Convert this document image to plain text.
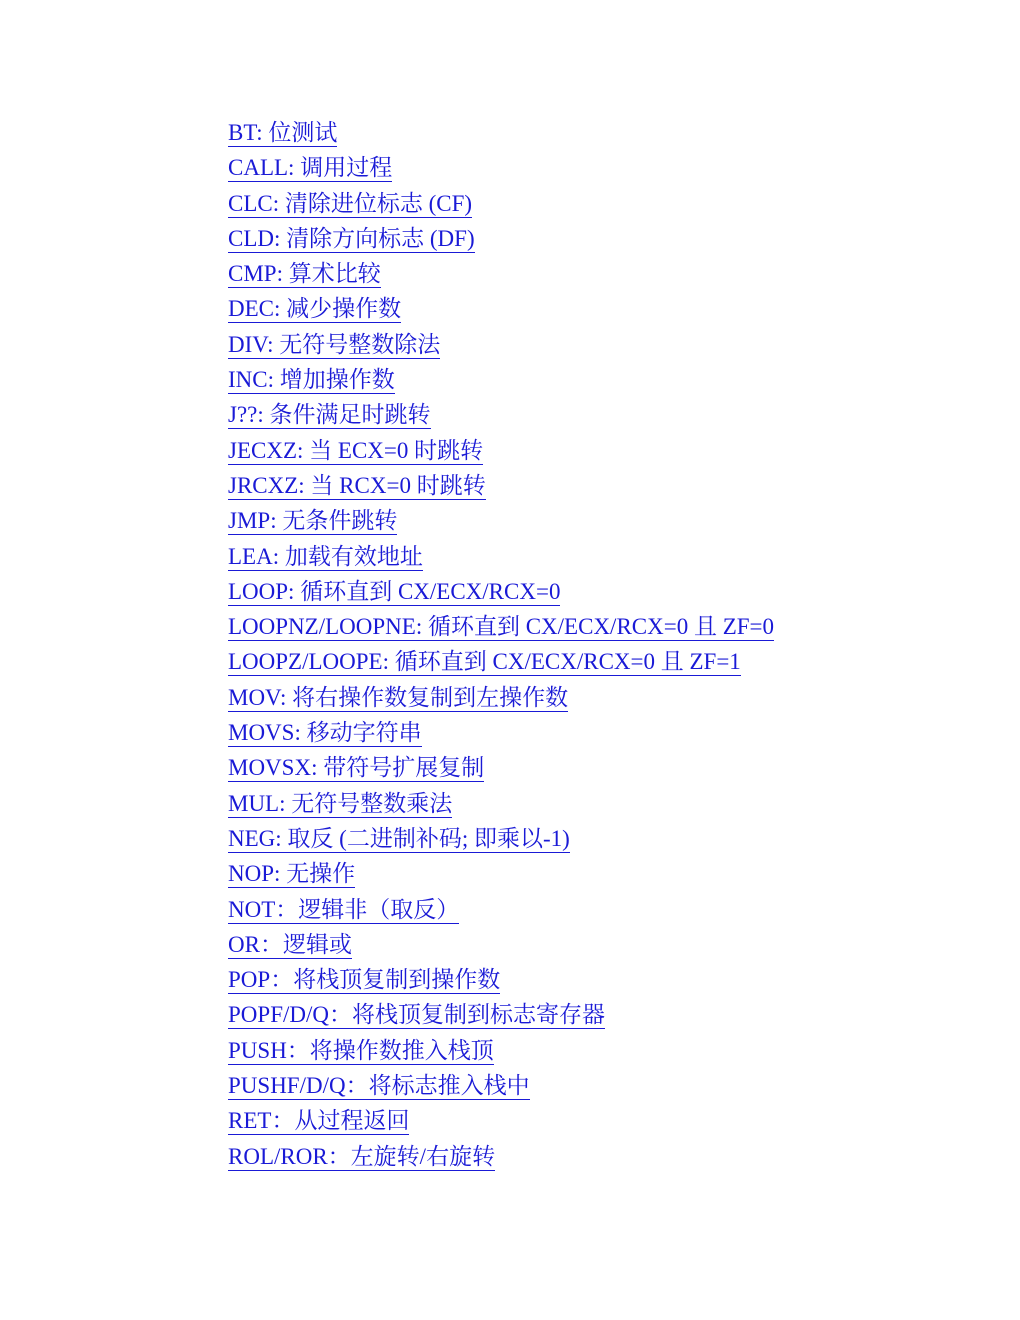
BT: 位测试
CALL: 调用过程
CLC: 清除进位标志 (CF)
CLD: 清除方向标志 (DF)
CMP: 算术比较
DEC: 减少操作数
DIV: 无符号整数除法
INC: 增加操作数
J??: 条件满足时跳转
JECXZ: 当 ECX=0 时跳转
JRCXZ: 当 RCX=0 时跳转
JMP: 无条件跳转
LEA: 加载有效地址
LOOP: 循环直到 CX/ECX/RCX=0
LOOPNZ/LOOPNE: 循环直到 CX/ECX/RCX=0 且 ZF=0
LOOPZ/LOOPE: 循环直到 CX/ECX/RCX=0 且 ZF=1
MOV: 将右操作数复制到左操作数
MOVS: 移动字符串
MOVSX: 带符号扩展复制
MUL: 无符号整数乘法
NEG: 取反 (二进制补码; 即乘以-1)
NOP: 无操作
NOT：逻辑非（取反）
OR：逻辑或
POP：将栈顶复制到操作数
POPF/D/Q：将栈顶复制到标志寄存器
PUSH：将操作数推入栈顶
PUSHF/D/Q：将标志推入栈中
RET：从过程返回
ROL/ROR：左旋转/右旋转
